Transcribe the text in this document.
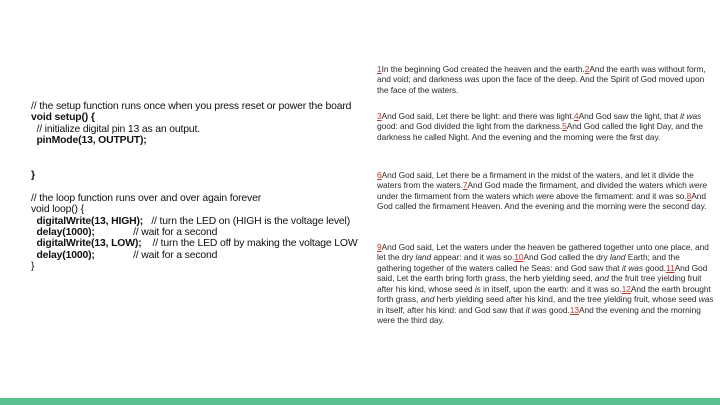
// the setup function runs once when you press reset or power the board
void setup() {
// initialize digital pin 13 as an output.
pinMode(13, OUTPUT);

}

// the loop function runs over and over again forever
void loop() {
digitalWrite(13, HIGH);   // turn the LED on (HIGH is the voltage level)
delay(1000);              // wait for a second
digitalWrite(13, LOW);    // turn the LED off by making the voltage LOW
delay(1000);              // wait for a second
}
1In the beginning God created the heaven and the earth.2And the earth was without form, and void; and darkness was upon the face of the deep. And the Spirit of God moved upon the face of the waters.
3And God said, Let there be light: and there was light.4And God saw the light, that it was good: and God divided the light from the darkness.5And God called the light Day, and the darkness he called Night. And the evening and the morning were the first day.
6And God said, Let there be a firmament in the midst of the waters, and let it divide the waters from the waters.7And God made the firmament, and divided the waters which were under the firmament from the waters which were above the firmament: and it was so.8And God called the firmament Heaven. And the evening and the morning were the second day.
9And God said, Let the waters under the heaven be gathered together unto one place, and let the dry land appear: and it was so.10And God called the dry land Earth; and the gathering together of the waters called he Seas: and God saw that it was good.11And God said, Let the earth bring forth grass, the herb yielding seed, and the fruit tree yielding fruit after his kind, whose seed is in itself, upon the earth: and it was so.12And the earth brought forth grass, and herb yielding seed after his kind, and the tree yielding fruit, whose seed was in itself, after his kind: and God saw that it was good.13And the evening and the morning were the third day.
